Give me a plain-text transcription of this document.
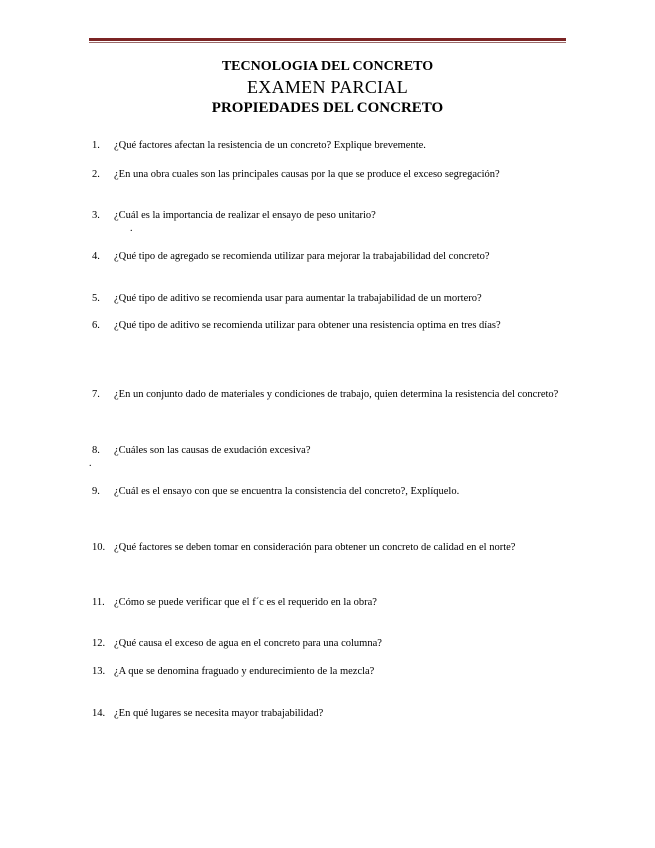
TECNOLOGIA DEL CONCRETO
EXAMEN PARCIAL
PROPIEDADES DEL CONCRETO
1.	¿Qué factores afectan la resistencia de un concreto? Explique brevemente.
2.	¿En una obra cuales son las principales causas por la que se produce el exceso segregación?
3.	¿Cuál es la importancia de realizar el ensayo de peso unitario?
.
4.	¿Qué tipo de agregado se recomienda utilizar para mejorar la trabajabilidad del concreto?
5.	¿Qué tipo de aditivo se recomienda usar para aumentar la trabajabilidad de un mortero?
6.	¿Qué tipo de aditivo se recomienda utilizar para obtener una resistencia optima en tres días?
7.	¿En un conjunto dado de materiales y condiciones de trabajo, quien determina la resistencia del concreto?
8.	¿Cuáles son las causas de exudación excesiva?
.
9.	¿Cuál es el ensayo con que se encuentra la consistencia del concreto?, Explíquelo.
10. ¿Qué factores se deben tomar en consideración para obtener un concreto de calidad en el norte?
11. ¿Cómo se puede verificar que el f´c es el requerido en la obra?
12. ¿Qué causa el exceso de agua en el concreto para una columna?
13. ¿A que se denomina fraguado y endurecimiento de la mezcla?
14. ¿En qué lugares se necesita mayor trabajabilidad?
